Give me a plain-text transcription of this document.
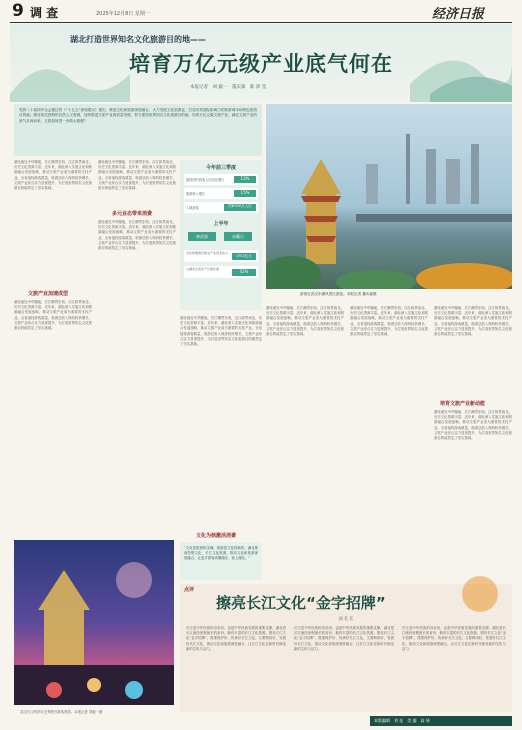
9 调 查	2025年12月8日 星期一	经济日报
湖北打造世界知名文化旅游目的地——
培育万亿元级产业底气何在
本报记者　刘 毅一　董庆森　陈 沛 莹
党的二十届四中全会通过的《“十五五”规划建议》提出，推进文化和旅游深度融合，大力发展文化旅游业，打造具有国际影响力的旅游城市和特色旅游目的地。湖北依托独特的自然人文资源，加快推进文旅产业高质量发展，努力建设世界知名文化旅游目的地，培育万亿元级文旅产业。湖北文旅产业的底气从何而来，又将如何进一步做大做强？
游客在武汉东湖风景区游览。本报记者 董庆森摄
湖北地处中华腹地，长江横贯东西，汉江纵贯南北，历史文化资源丰富。近年来，湖北深入实施文化和旅游融合发展战略，推动文旅产业成为重要的支柱产业。全省接待游客数量、旅游总收入保持较快增长，文旅产业综合实力显著提升，为打造世界知名文化旅游目的地奠定了坚实基础。
文旅产业加速成型
湖北地处中华腹地，长江横贯东西，汉江纵贯南北，历史文化资源丰富。近年来，湖北深入实施文化和旅游融合发展战略，推动文旅产业成为重要的支柱产业。全省接待游客数量、旅游总收入保持较快增长，文旅产业综合实力显著提升，为打造世界知名文化旅游目的地奠定了坚实基础。
湖北地处中华腹地，长江横贯东西，汉江纵贯南北，历史文化资源丰富。近年来，湖北深入实施文化和旅游融合发展战略，推动文旅产业成为重要的支柱产业。全省接待游客数量、旅游总收入保持较快增长，文旅产业综合实力显著提升，为打造世界知名文化旅游目的地奠定了坚实基础。
多元业态带来消费
湖北地处中华腹地，长江横贯东西，汉江纵贯南北，历史文化资源丰富。近年来，湖北深入实施文化和旅游融合发展战略，推动文旅产业成为重要的支柱产业。全省接待游客数量、旅游总收入保持较快增长，文旅产业综合实力显著提升，为打造世界知名文化旅游目的地奠定了坚实基础。
今年前三季度
接待国内游客人次同比增长	13%
旅游收入增长	15%
入境游客	约8700万人次
上半年
神武游	赤藏日
文化和旅游及相关产业营业收入
1910亿元
占湖北全省生产总值比重	42%
湖北地处中华腹地，长江横贯东西，汉江纵贯南北，历史文化资源丰富。近年来，湖北深入实施文化和旅游融合发展战略，推动文旅产业成为重要的支柱产业。全省接待游客数量、旅游总收入保持较快增长，文旅产业综合实力显著提升，为打造世界知名文化旅游目的地奠定了坚实基础。
文化为核激活消费
湖北地处中华腹地，长江横贯东西，汉江纵贯南北，历史文化资源丰富。近年来，湖北深入实施文化和旅游融合发展战略，推动文旅产业成为重要的支柱产业。全省接待游客数量、旅游总收入保持较快增长，文旅产业综合实力显著提升，为打造世界知名文化旅游目的地奠定了坚实基础。
湖北地处中华腹地，长江横贯东西，汉江纵贯南北，历史文化资源丰富。近年来，湖北深入实施文化和旅游融合发展战略，推动文旅产业成为重要的支柱产业。全省接待游客数量、旅游总收入保持较快增长，文旅产业综合实力显著提升，为打造世界知名文化旅游目的地奠定了坚实基础。
湖北地处中华腹地，长江横贯东西，汉江纵贯南北，历史文化资源丰富。近年来，湖北深入实施文化和旅游融合发展战略，推动文旅产业成为重要的支柱产业。全省接待游客数量、旅游总收入保持较快增长，文旅产业综合实力显著提升，为打造世界知名文化旅游目的地奠定了坚实基础。
培育文旅产业新动能
湖北地处中华腹地，长江横贯东西，汉江纵贯南北，历史文化资源丰富。近年来，湖北深入实施文化和旅游融合发展战略，推动文旅产业成为重要的支柱产业。全省接待游客数量、旅游总收入保持较快增长，文旅产业综合实力显著提升，为打造世界知名文化旅游目的地奠定了坚实基础。
“文化是旅游的灵魂，旅游是文化的载体。湖北要深挖楚文化、长江文化资源，推动文化和旅游深度融合，让更多游客读懂湖北、爱上湖北。”
武汉长江两岸灯光秀吸引游客观赏。本报记者 刘毅一摄
点评
擦亮长江文化“金字招牌”
郭 茗 茗
长江是中华民族的母亲河，也是中华民族发展的重要支撑。湖北是长江流经里程最长的省份，拥有丰富的长江文化资源。擦亮长江文化“金字招牌”，既要保护好、传承好长江文化，又要利用好、发展好长江文化，推动文化和旅游深度融合，让长江文化在新时代焕发新的生机与活力。
长江是中华民族的母亲河，也是中华民族发展的重要支撑。湖北是长江流经里程最长的省份，拥有丰富的长江文化资源。擦亮长江文化“金字招牌”，既要保护好、传承好长江文化，又要利用好、发展好长江文化，推动文化和旅游深度融合，让长江文化在新时代焕发新的生机与活力。
长江是中华民族的母亲河，也是中华民族发展的重要支撑。湖北是长江流经里程最长的省份，拥有丰富的长江文化资源。擦亮长江文化“金字招牌”，既要保护好、传承好长江文化，又要利用好、发展好长江文化，推动文化和旅游深度融合，让长江文化在新时代焕发新的生机与活力。
本版编辑　刘 佳　美 编　高 妍
